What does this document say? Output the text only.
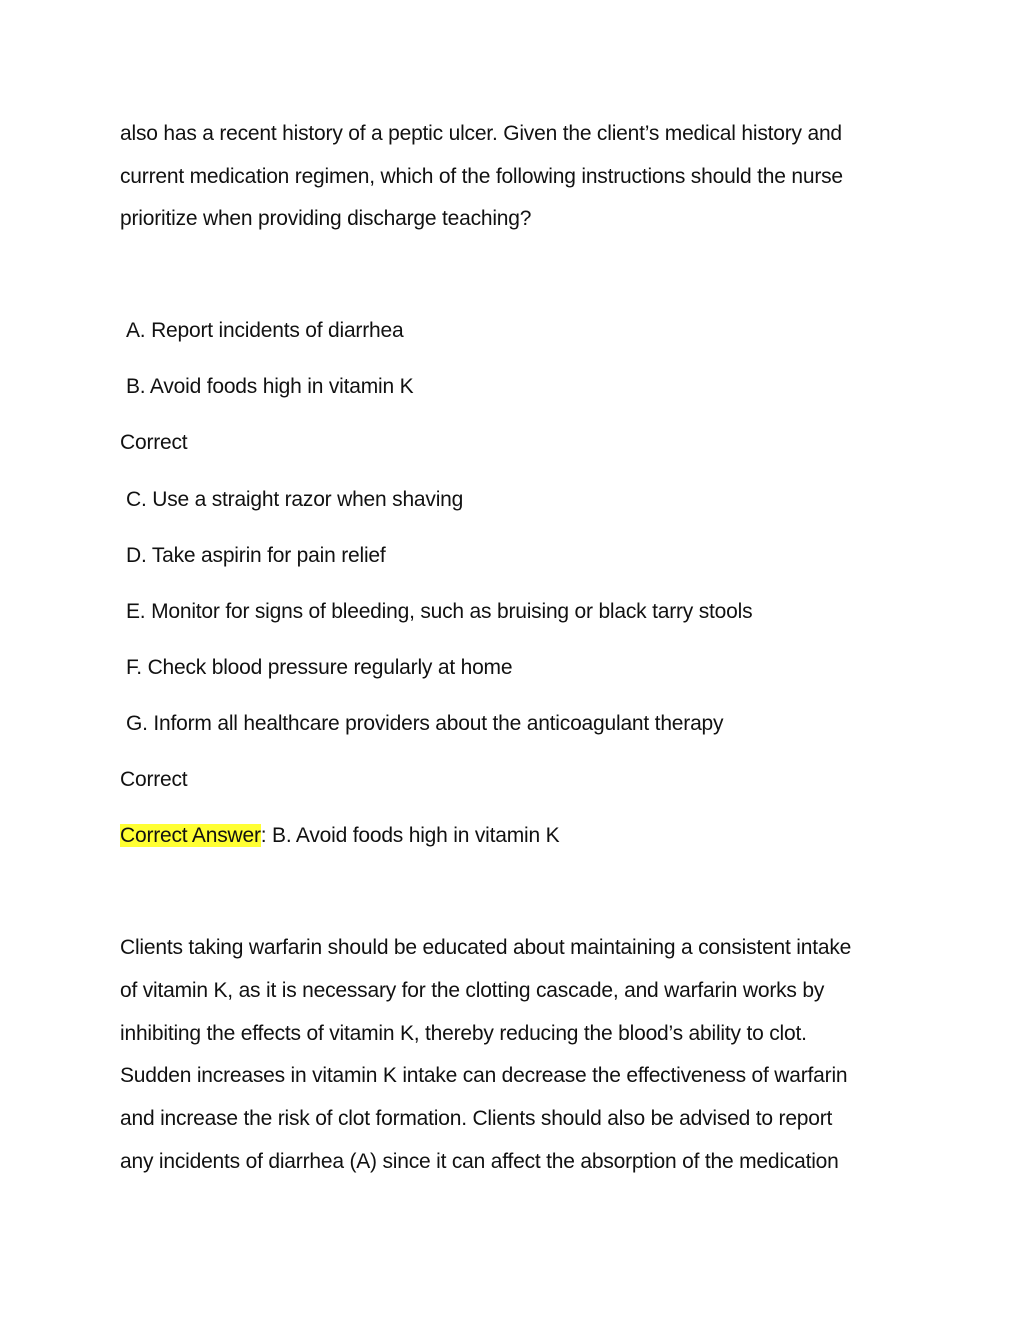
also has a recent history of a peptic ulcer. Given the client’s medical history and
current medication regimen, which of the following instructions should the nurse
prioritize when providing discharge teaching?
A. Report incidents of diarrhea
B. Avoid foods high in vitamin K
Correct
C. Use a straight razor when shaving
D. Take aspirin for pain relief
E. Monitor for signs of bleeding, such as bruising or black tarry stools
F. Check blood pressure regularly at home
G. Inform all healthcare providers about the anticoagulant therapy
Correct
Correct Answer: B. Avoid foods high in vitamin K
Clients taking warfarin should be educated about maintaining a consistent intake
of vitamin K, as it is necessary for the clotting cascade, and warfarin works by
inhibiting the effects of vitamin K, thereby reducing the blood’s ability to clot.
Sudden increases in vitamin K intake can decrease the effectiveness of warfarin
and increase the risk of clot formation. Clients should also be advised to report
any incidents of diarrhea (A) since it can affect the absorption of the medication
